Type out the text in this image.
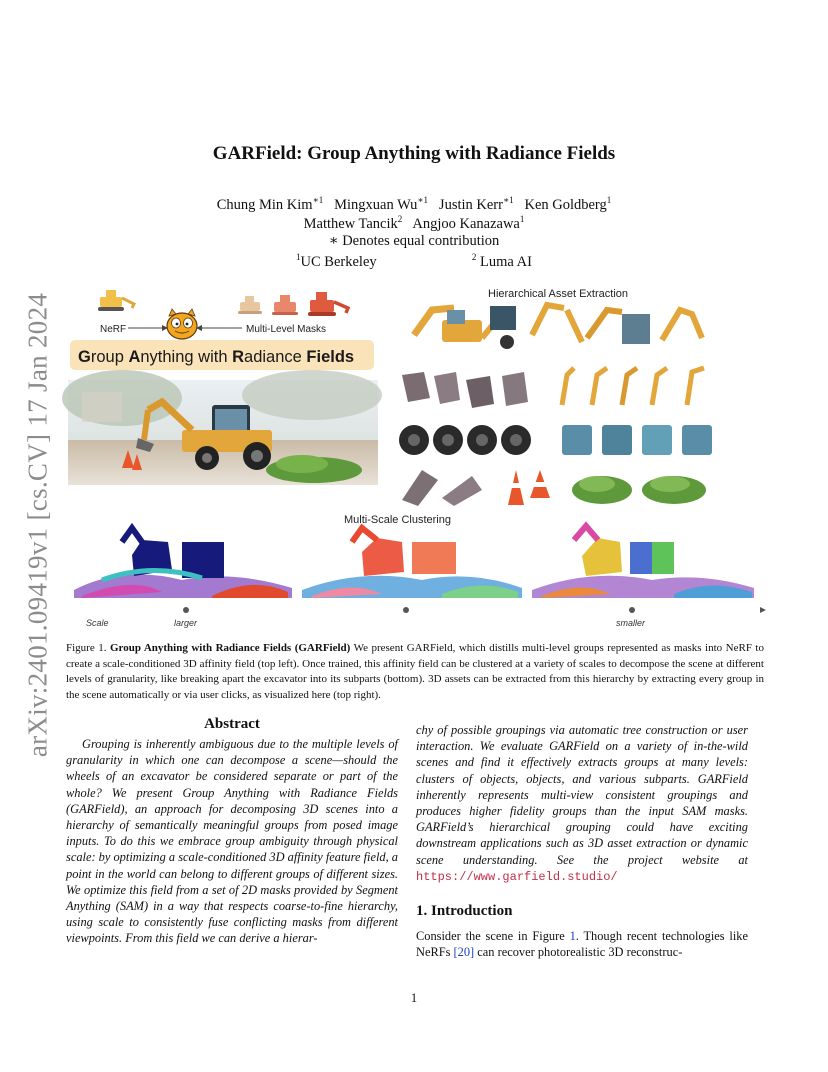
arXiv:2401.09419v1 [cs.CV] 17 Jan 2024
GARField: Group Anything with Radiance Fields
Chung Min Kim$^{∗1}$ Mingxuan $Wu^{∗1}$ Justin Kerr$^{∗1}$ Ken Goldberg$^1$
Matthew Tancik$^2$ Angjoo Kanazawa$^1$
∗ Denotes equal contribution
$^1$UC Berkeley	$^2$ Luma AI
NeRF	Multi-Level Masks
Group Anything with Radiance Fields
Hierarchical Asset Extraction
Multi-Scale Clustering
Scale	larger	smaller
Figure 1. Group Anything with Radiance Fields (GARField) We present GARField, which distills multi-level groups represented as masks into NeRF to create a scale-conditioned 3D affinity field (top left). Once trained, this affinity field can be clustered at a variety of scales to decompose the scene at different levels of granularity, like breaking apart the excavator into its subparts (bottom). 3D assets can be extracted from this hierarchy by extracting every group in the scene automatically or via user clicks, as visualized here (top right).
Abstract

Grouping is inherently ambiguous due to the multiple levels of granularity in which one can decompose a scene—should the wheels of an excavator be considered separate or part of the whole? We present Group Anything with Radiance Fields (GARField), an approach for decomposing 3D scenes into a hierarchy of semantically meaningful groups from posed image inputs. To do this we embrace group ambiguity through physical scale: by optimizing a scale-conditioned 3D affinity feature field, a point in the world can belong to different groups of different sizes. We optimize this field from a set of 2D masks provided by Segment Anything (SAM) in a way that respects coarse-to-fine hierarchy, using scale to consistently fuse conflicting masks from different viewpoints. From this field we can derive a hierar-

chy of possible groupings via automatic tree construction or user interaction. We evaluate GARField on a variety of in-the-wild scenes and find it effectively extracts groups at many levels: clusters of objects, objects, and various subparts. GARField inherently represents multi-view consistent groupings and produces higher fidelity groups than the input SAM masks. GARField’s hierarchical grouping could have exciting downstream applications such as 3D asset extraction or dynamic scene understanding. See the project website at https://www.garfield.studio/

1. Introduction

Consider the scene in Figure 1. Though recent technologies like NeRFs [20] can recover photorealistic 3D reconstruc-

1
